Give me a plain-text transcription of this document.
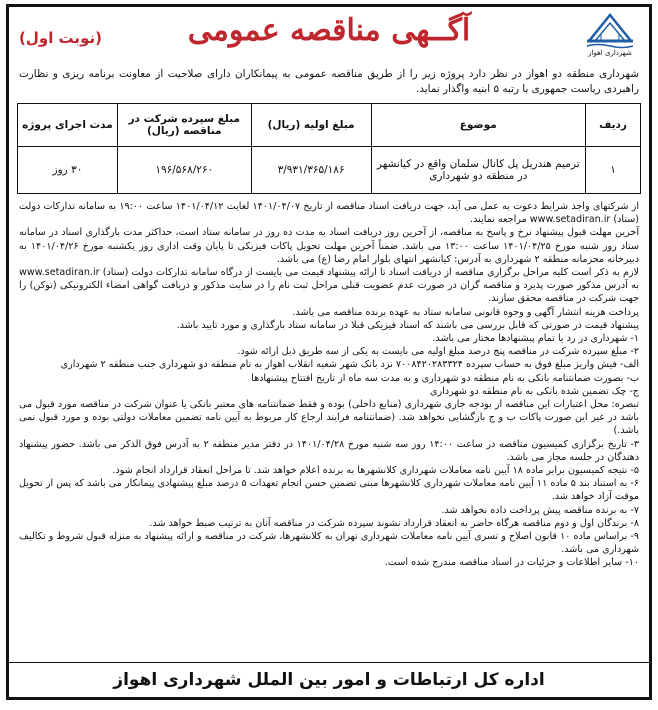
شهرداری اهواز
آگــهی مناقصه عمومی
(نوبت اول)
شهرداری منطقه دو اهواز در نظر دارد پروژه زیر را از طریق مناقصه عمومی به پیمانکاران دارای صلاحیت از معاونت برنامه ریزی و نظارت راهبردی ریاست جمهوری با رتبه ۵ ابنیه واگذار نماید.
ردیف	موضوع	مبلغ اولیه (ریال)	مبلغ سپرده شرکت در مناقصه (ریال)	مدت اجرای پروژه
۱	ترمیم هندریل پل کانال سلمان واقع در کیانشهر در منطقه دو شهرداری	۳/۹۳۱/۳۶۵/۱۸۶	۱۹۶/۵۶۸/۲۶۰	۳۰ روز

از شرکتهای واجد شرایط دعوت به عمل می آید، جهت دریافت اسناد مناقصه از تاریخ ۱۴۰۱/۰۴/۰۷ لغایت ۱۴۰۱/۰۴/۱۲ ساعت ۱۹:۰۰ به سامانه تدارکات دولت (ستاد) www.setadiran.ir مراجعه نمایند.

آخرین مهلت قبول پیشنهاد نرخ و پاسخ به مناقصه، از آخرین روز دریافت اسناد به مدت ده روز در سامانه ستاد است، حداکثر مدت بارگذاری اسناد در سامانه ستاد روز شنبه مورخ ۱۴۰۱/۰۴/۲۵ ساعت ۱۳:۰۰ می باشد. ضمناً آخرین مهلت تحویل پاکات فیزیکی تا پایان وقت اداری روز یکشنبه مورخ ۱۴۰۱/۰۴/۲۶ به دبیرخانه محرمانه منطقه ۲ شهرداری به آدرس: کیانشهر انتهای بلوار امام رضا (ع) می باشد.

لازم به ذکر است کلیه مراحل برگزاری مناقصه از دریافت اسناد تا ارائه پیشنهاد قیمت می بایست از درگاه سامانه تدارکات دولت (ستاد) www.setadiran.ir به آدرس مذکور صورت پذیرد و مناقصه گران در صورت عدم عضویت قبلی مراحل ثبت نام را در سایت مذکور و دریافت گواهی امضاء الکترونیکی (توکن) را جهت شرکت در مناقصه محقق سازند.

پرداخت هزینه انتشار آگهی و وجوه قانونی سامانه ستاد به عهده برنده مناقصه می باشد.

پیشنهاد قیمت در صورتی که قابل بررسی می باشند که اسناد فیزیکی قبلا در سامانه ستاد بارگذاری و مورد تایید باشد.

۱- شهرداری در رد یا تمام پیشنهادها مختار می باشد.

۲- مبلغ سپرده شرکت در مناقصه پنج درصد مبلغ اولیه می بایست به یکی از سه طریق ذیل ارائه شود.

الف- فیش واریز مبلغ فوق به حساب سپرده ۷۰۰۸۴۲۰۲۸۳۳۲۴ نزد بانک شهر شعبه انقلاب اهواز به نام منطقه دو شهرداری جنب منطقه ۲ شهرداری

ب- بصورت ضمانتنامه بانکی به نام منطقه دو شهرداری و به مدت سه ماه از تاریخ افتتاح پیشنهادها

ج- چک تضمین شده بانکی به نام منطقه دو شهرداری

تبصره: محل اعتبارات این مناقصه از بودجه جاری شهرداری (منابع داخلی) بوده و فقط ضمانتنامه های معتبر بانکی یا عنوان شرکت در مناقصه مورد قبول می باشد در غیر این صورت پاکات ب و ج بازگشایی نخواهد شد. (ضمانتنامه فرایند ارجاع کار مربوط به آیین نامه تضمین معاملات دولتی بوده و مورد قبول نمی باشد.)

۳- تاریخ برگزاری کمیسیون مناقصه در ساعت ۱۴:۰۰ روز سه شنبه مورخ ۱۴۰۱/۰۴/۲۸ در دفتر مدیر منطقه ۲ به آدرس فوق الذکر می باشد. حضور پیشنهاد دهندگان در جلسه مجاز می باشد.

۵- نتیجه کمیسیون برابر ماده ۱۸ آیین نامه معاملات شهرداری کلانشهرها به برنده اعلام خواهد شد. تا مراحل انعقاد قرارداد انجام شود.

۶- به استناد بند ۵ ماده ۱۱ آیین نامه معاملات شهرداری کلانشهرها مبنی تضمین حسن انجام تعهدات ۵ درصد مبلغ پیشنهادی پیمانکار می باشد که پس از تحویل موقت آزاد خواهد شد.

۷- به برنده مناقصه پیش پرداخت داده نخواهد شد.

۸- برندگان اول و دوم مناقصه هرگاه حاضر به انعقاد قرارداد نشوند سپرده شرکت در مناقصه آنان به ترتیب ضبط خواهد شد.

۹- براساس ماده ۱۰ قانون اصلاح و تسری آیین نامه معاملات شهرداری تهران به کلانشهرها، شرکت در مناقصه و ارائه پیشنهاد به منزله قبول شروط و تکالیف شهرداری می باشد.

۱۰- سایر اطلاعات و جزئیات در اسناد مناقصه مندرج شده است.

اداره کل ارتباطات و امور بین الملل شهرداری اهواز
